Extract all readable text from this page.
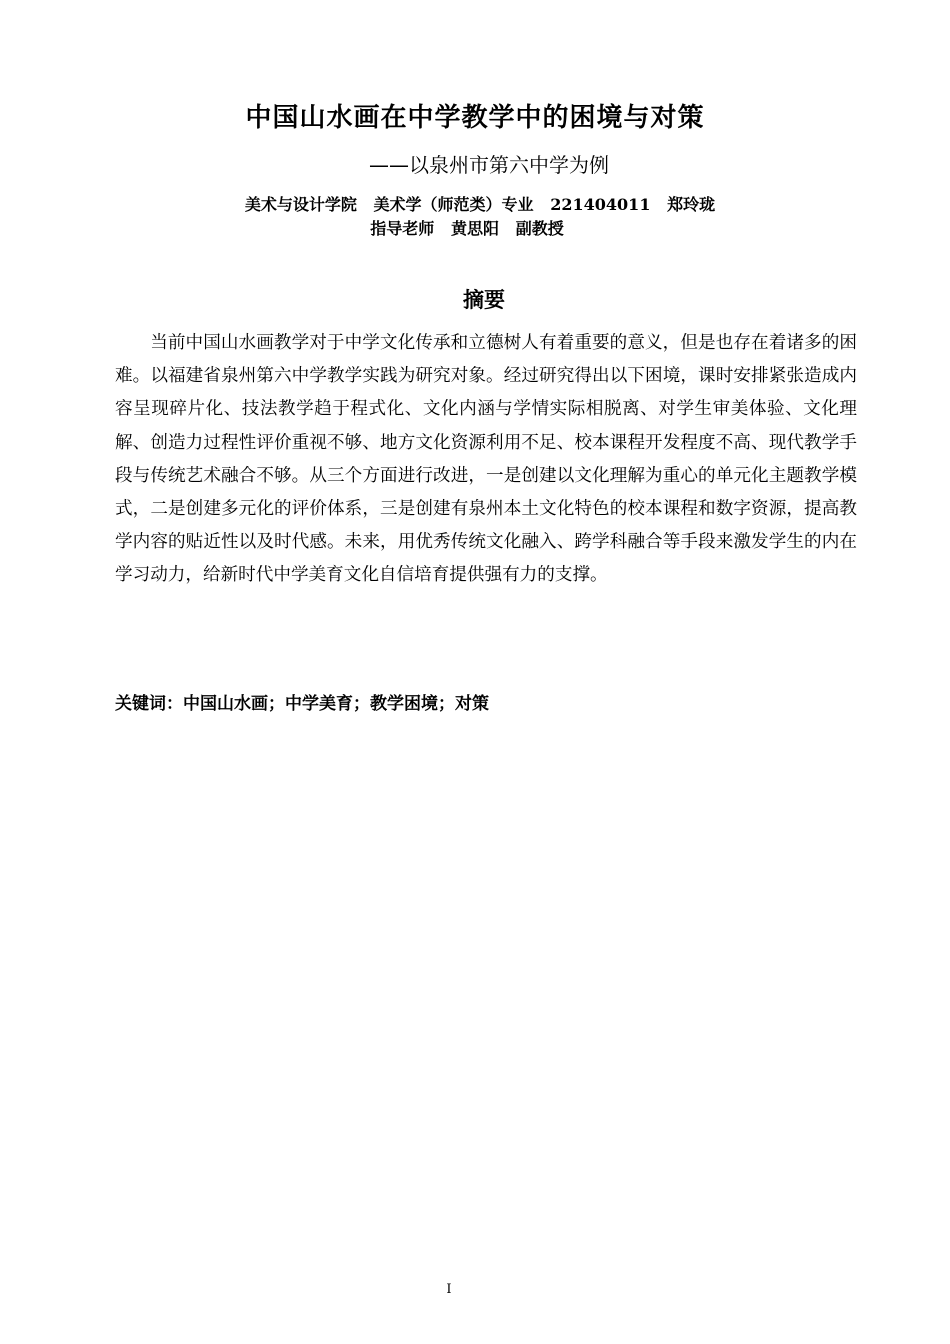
中国山水画在中学教学中的困境与对策
——以泉州市第六中学为例
美术与设计学院   美术学（师范类）专业   221404011   郑玲珑
指导老师   黄思阳   副教授
摘要

当前中国山水画教学对于中学文化传承和立德树人有着重要的意义，但是也存在着诸多的困难。以福建省泉州第六中学教学实践为研究对象。经过研究得出以下困境，课时安排紧张造成内容呈现碎片化、技法教学趋于程式化、文化内涵与学情实际相脱离、对学生审美体验、文化理解、创造力过程性评价重视不够、地方文化资源利用不足、校本课程开发程度不高、现代教学手段与传统艺术融合不够。从三个方面进行改进，一是创建以文化理解为重心的单元化主题教学模式，二是创建多元化的评价体系，三是创建有泉州本土文化特色的校本课程和数字资源，提高教学内容的贴近性以及时代感。未来，用优秀传统文化融入、跨学科融合等手段来激发学生的内在学习动力，给新时代中学美育文化自信培育提供强有力的支撑。

关键词：中国山水画；中学美育；教学困境；对策
I
